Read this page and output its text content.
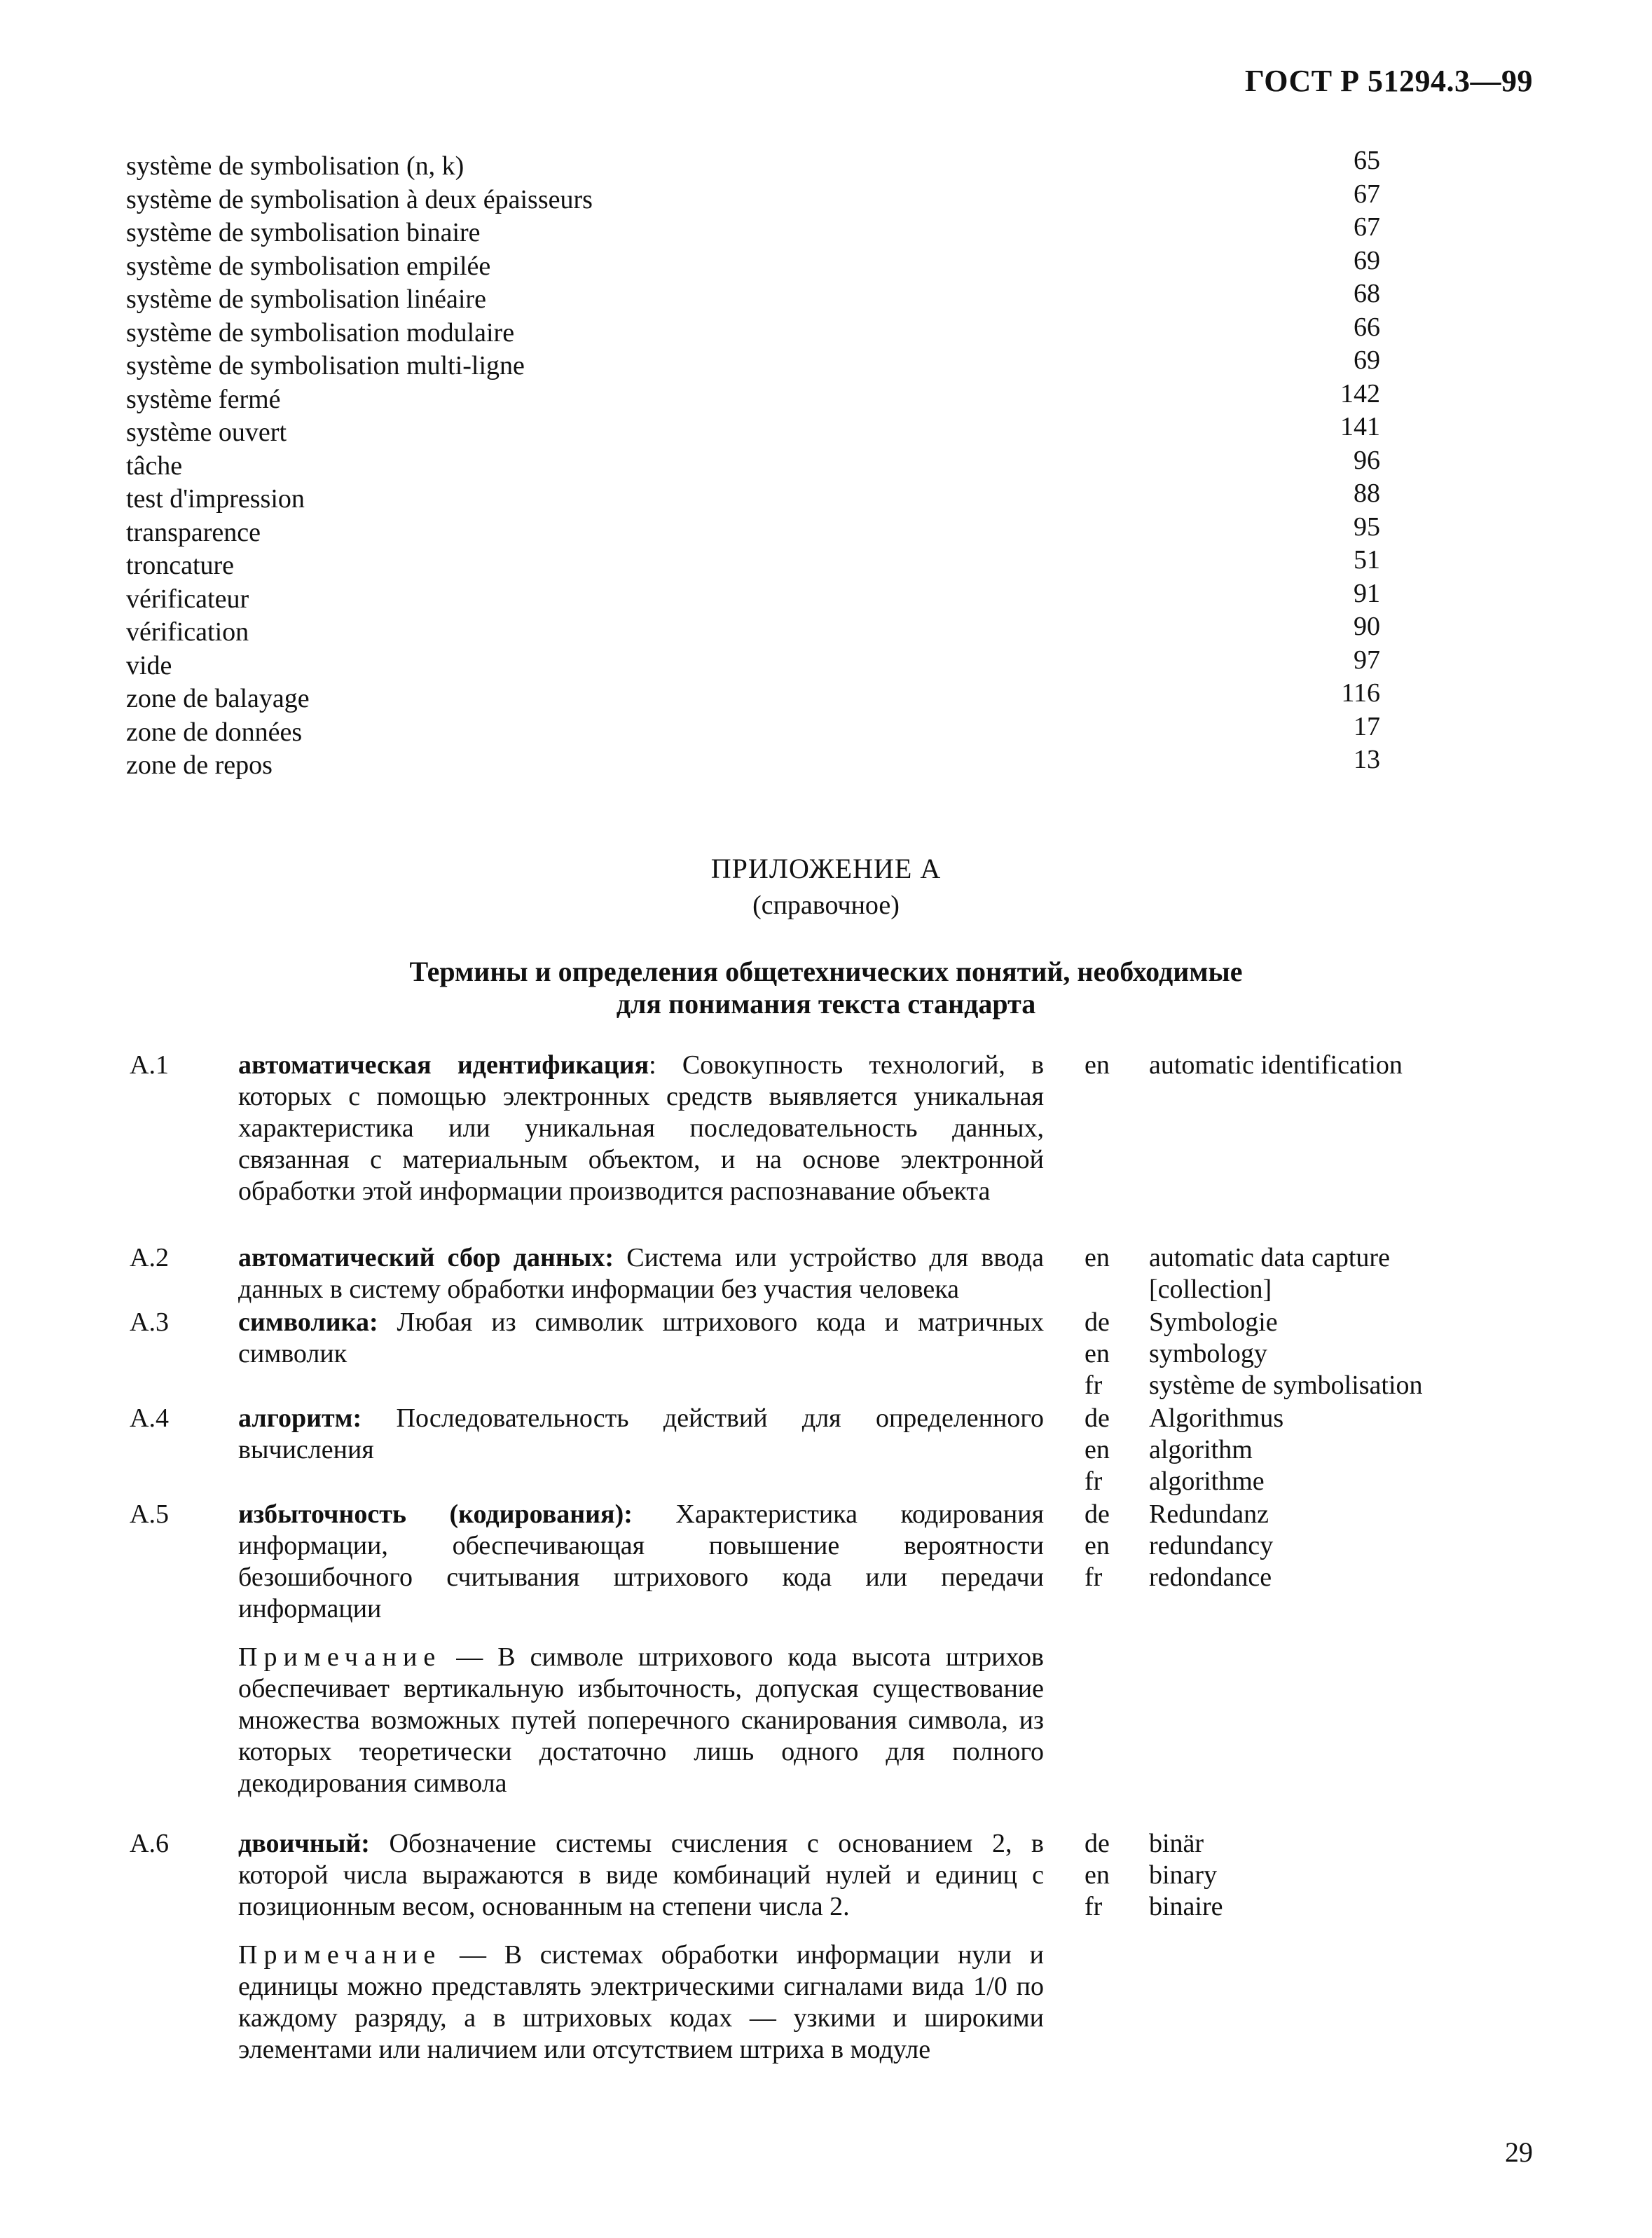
ГОСТ Р 51294.3—99
système de symbolisation (n, k)	65
système de symbolisation à deux épaisseurs	67
système de symbolisation binaire	67
système de symbolisation empilée	69
système de symbolisation linéaire	68
système de symbolisation modulaire	66
système de symbolisation multi-ligne	69
système fermé	142
système ouvert	141
tâche	96
test d'impression	88
transparence	95
troncature	51
vérificateur	91
vérification	90
vide	97
zone de balayage	116
zone de données	17
zone de repos	13
ПРИЛОЖЕНИЕ А
(справочное)
Термины и определения общетехнических понятий, необходимые
для понимания текста стандарта
А.1	автоматическая идентификация: Совокупность технологий, в которых с помощью электронных средств выявляется уникальная характеристика или уникальная последовательность данных, связанная с материальным объектом, и на основе электронной обработки этой информации производится распознавание объекта
en	automatic identification
А.2	автоматический сбор данных: Система или устройство для ввода данных в систему обработки информации без участия человека
en	automatic data capture
[collection]
А.3	символика: Любая из символик штрихового кода и матричных символик
de	Symbologie
en	symbology
fr	système de symbolisation
А.4	алгоритм: Последовательность действий для определенного вычисления
de	Algorithmus
en	algorithm
fr	algorithme
А.5	избыточность (кодирования): Характеристика кодирования информации, обеспечивающая повышение вероятности безошибочного считывания штрихового кода или передачи информации
Примечание — В символе штрихового кода высота штрихов обеспечивает вертикальную избыточность, допуская существование множества возможных путей поперечного сканирования символа, из которых теоретически достаточно лишь одного для полного декодирования символа
de	Redundanz
en	redundancy
fr	redondance
А.6	двоичный: Обозначение системы счисления с основанием 2, в которой числа выражаются в виде комбинаций нулей и единиц с позиционным весом, основанным на степени числа 2.
Примечание — В системах обработки информации нули и единицы можно представлять электрическими сигналами вида 1/0 по каждому разряду, а в штриховых кодах — узкими и широкими элементами или наличием или отсутствием штриха в модуле
de	binär
en	binary
fr	binaire
29
